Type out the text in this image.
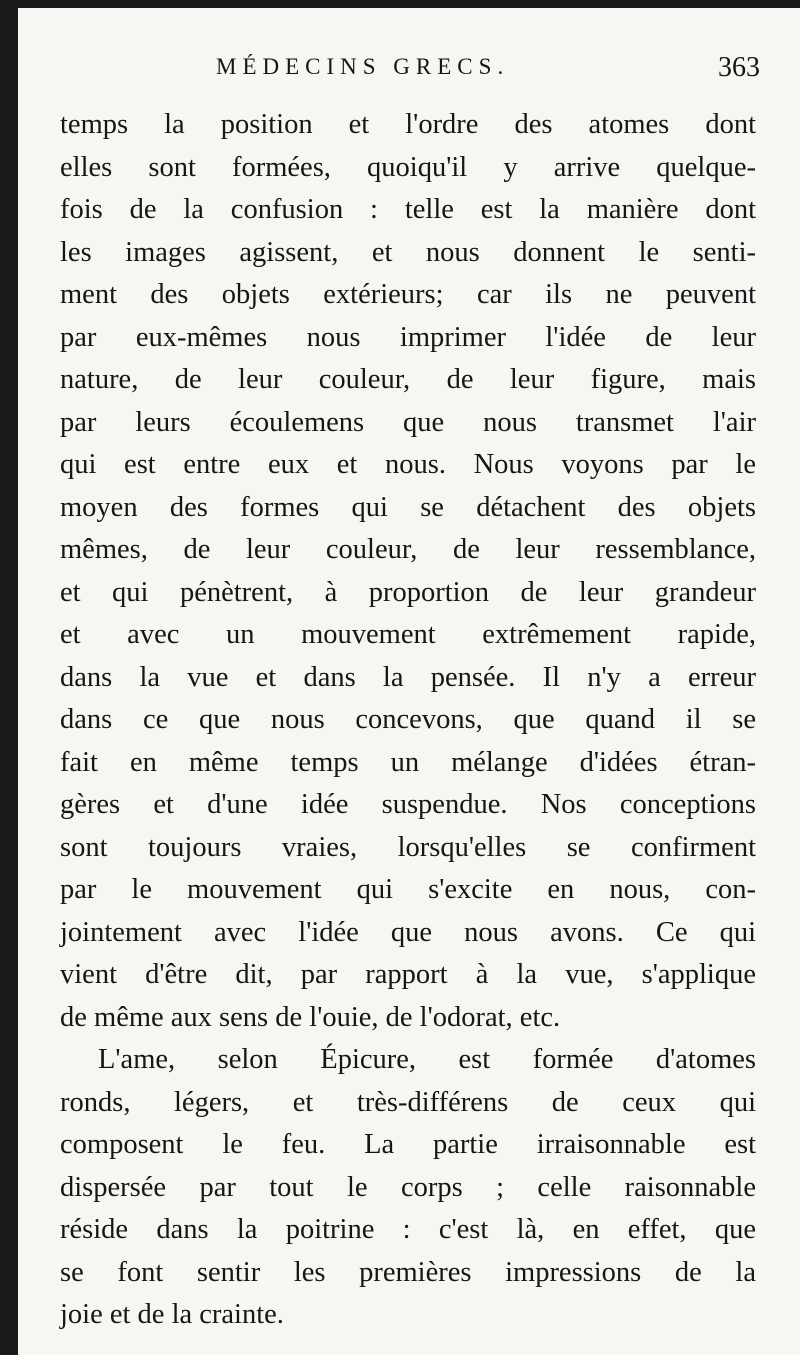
MÉDECINS GRECS.	363
temps la position et l'ordre des atomes dont
elles sont formées, quoiqu'il y arrive quelque-
fois de la confusion : telle est la manière dont
les images agissent, et nous donnent le senti-
ment des objets extérieurs; car ils ne peuvent
par eux-mêmes nous imprimer l'idée de leur
nature, de leur couleur, de leur figure, mais
par leurs écoulemens que nous transmet l'air
qui est entre eux et nous. Nous voyons par le
moyen des formes qui se détachent des objets
mêmes, de leur couleur, de leur ressemblance,
et qui pénètrent, à proportion de leur grandeur
et avec un mouvement extrêmement rapide,
dans la vue et dans la pensée. Il n'y a erreur
dans ce que nous concevons, que quand il se
fait en même temps un mélange d'idées étran-
gères et d'une idée suspendue. Nos conceptions
sont toujours vraies, lorsqu'elles se confirment
par le mouvement qui s'excite en nous, con-
jointement avec l'idée que nous avons. Ce qui
vient d'être dit, par rapport à la vue, s'applique
de même aux sens de l'ouie, de l'odorat, etc.
L'ame, selon Épicure, est formée d'atomes
ronds, légers, et très-différens de ceux qui
composent le feu. La partie irraisonnable est
dispersée par tout le corps ; celle raisonnable
réside dans la poitrine : c'est là, en effet, que
se font sentir les premières impressions de la
joie et de la crainte.
